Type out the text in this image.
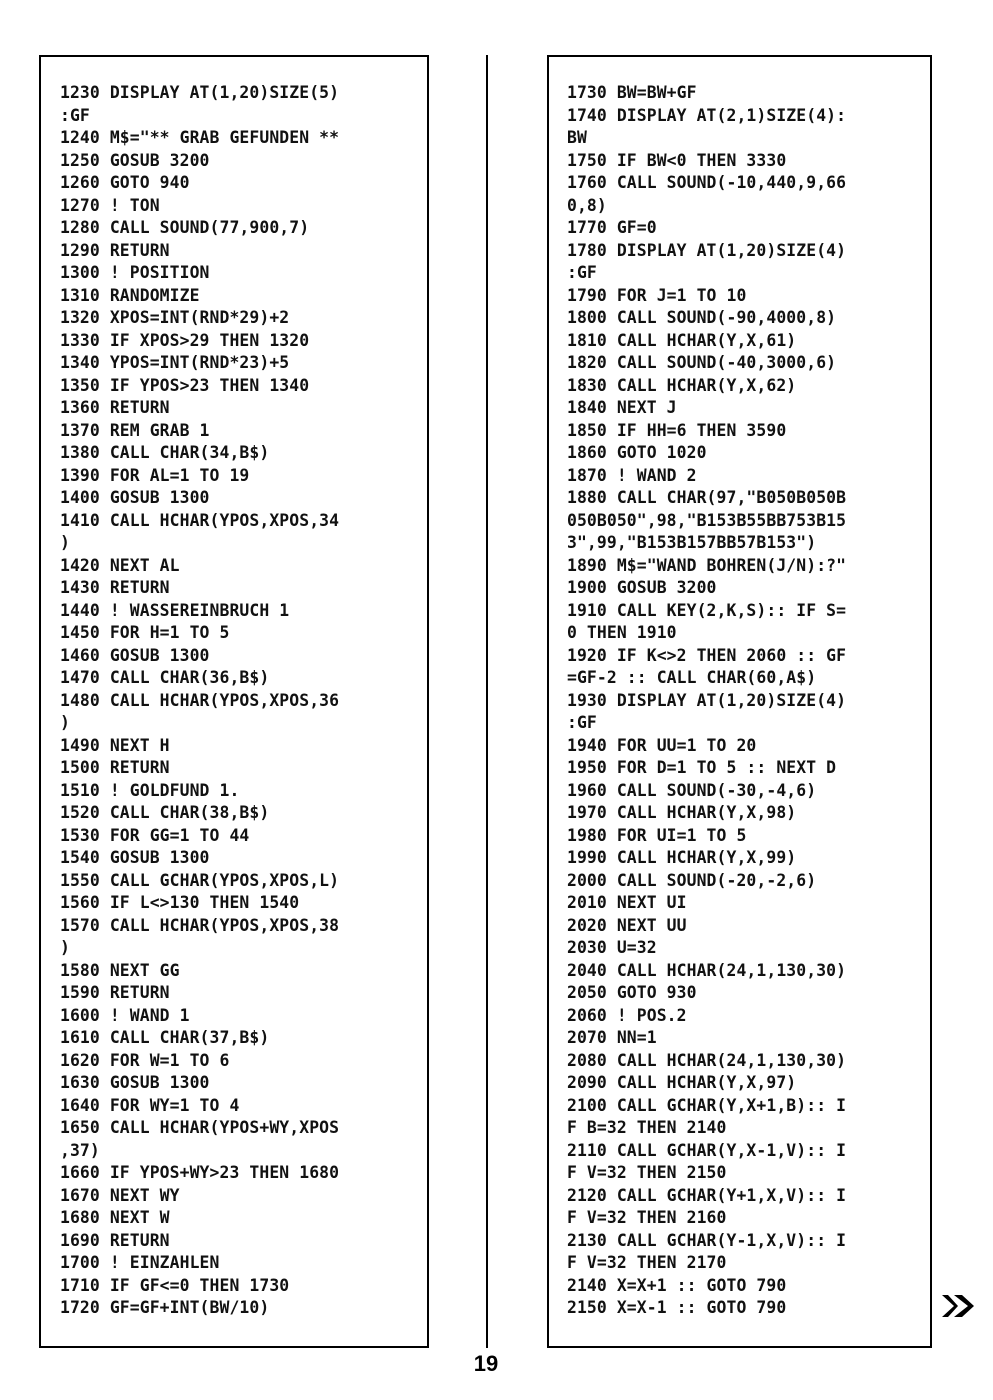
1230 DISPLAY AT(1,20)SIZE(5)
:GF
1240 M$="** GRAB GEFUNDEN **
1250 GOSUB 3200
1260 GOTO 940
1270 ! TON
1280 CALL SOUND(77,900,7)
1290 RETURN
1300 ! POSITION
1310 RANDOMIZE
1320 XPOS=INT(RND*29)+2
1330 IF XPOS>29 THEN 1320
1340 YPOS=INT(RND*23)+5
1350 IF YPOS>23 THEN 1340
1360 RETURN
1370 REM GRAB 1
1380 CALL CHAR(34,B$)
1390 FOR AL=1 TO 19
1400 GOSUB 1300
1410 CALL HCHAR(YPOS,XPOS,34
)
1420 NEXT AL
1430 RETURN
1440 ! WASSEREINBRUCH 1
1450 FOR H=1 TO 5
1460 GOSUB 1300
1470 CALL CHAR(36,B$)
1480 CALL HCHAR(YPOS,XPOS,36
)
1490 NEXT H
1500 RETURN
1510 ! GOLDFUND 1.
1520 CALL CHAR(38,B$)
1530 FOR GG=1 TO 44
1540 GOSUB 1300
1550 CALL GCHAR(YPOS,XPOS,L)
1560 IF L<>130 THEN 1540
1570 CALL HCHAR(YPOS,XPOS,38
)
1580 NEXT GG
1590 RETURN
1600 ! WAND 1
1610 CALL CHAR(37,B$)
1620 FOR W=1 TO 6
1630 GOSUB 1300
1640 FOR WY=1 TO 4
1650 CALL HCHAR(YPOS+WY,XPOS
,37)
1660 IF YPOS+WY>23 THEN 1680
1670 NEXT WY
1680 NEXT W
1690 RETURN
1700 ! EINZAHLEN
1710 IF GF<=0 THEN 1730
1720 GF=GF+INT(BW/10)
1730 BW=BW+GF
1740 DISPLAY AT(2,1)SIZE(4):
BW
1750 IF BW<0 THEN 3330
1760 CALL SOUND(-10,440,9,66
0,8)
1770 GF=0
1780 DISPLAY AT(1,20)SIZE(4)
:GF
1790 FOR J=1 TO 10
1800 CALL SOUND(-90,4000,8)
1810 CALL HCHAR(Y,X,61)
1820 CALL SOUND(-40,3000,6)
1830 CALL HCHAR(Y,X,62)
1840 NEXT J
1850 IF HH=6 THEN 3590
1860 GOTO 1020
1870 ! WAND 2
1880 CALL CHAR(97,"B050B050B
050B050",98,"B153B55BB753B15
3",99,"B153B157BB57B153")
1890 M$="WAND BOHREN(J/N):?"
1900 GOSUB 3200
1910 CALL KEY(2,K,S):: IF S=
0 THEN 1910
1920 IF K<>2 THEN 2060 :: GF
=GF-2 :: CALL CHAR(60,A$)
1930 DISPLAY AT(1,20)SIZE(4)
:GF
1940 FOR UU=1 TO 20
1950 FOR D=1 TO 5 :: NEXT D
1960 CALL SOUND(-30,-4,6)
1970 CALL HCHAR(Y,X,98)
1980 FOR UI=1 TO 5
1990 CALL HCHAR(Y,X,99)
2000 CALL SOUND(-20,-2,6)
2010 NEXT UI
2020 NEXT UU
2030 U=32
2040 CALL HCHAR(24,1,130,30)
2050 GOTO 930
2060 ! POS.2
2070 NN=1
2080 CALL HCHAR(24,1,130,30)
2090 CALL HCHAR(Y,X,97)
2100 CALL GCHAR(Y,X+1,B):: I
F B=32 THEN 2140
2110 CALL GCHAR(Y,X-1,V):: I
F V=32 THEN 2150
2120 CALL GCHAR(Y+1,X,V):: I
F V=32 THEN 2160
2130 CALL GCHAR(Y-1,X,V):: I
F V=32 THEN 2170
2140 X=X+1 :: GOTO 790
2150 X=X-1 :: GOTO 790
19
